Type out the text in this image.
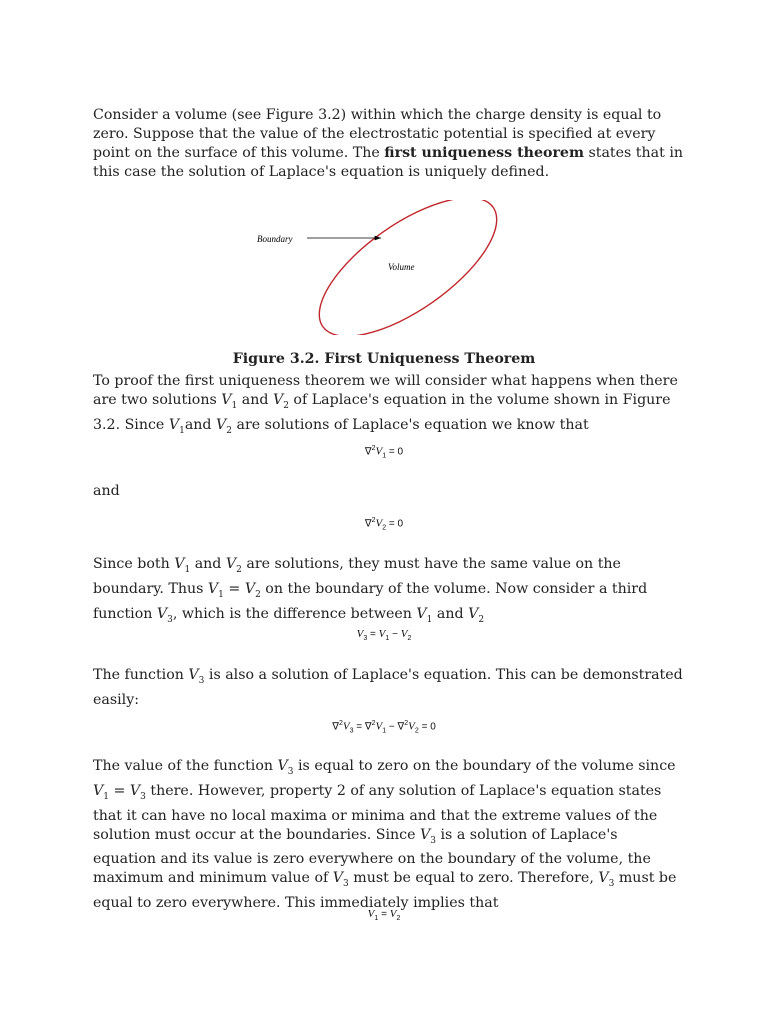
Consider a volume (see Figure 3.2) within which the charge density is equal to zero. Suppose that the value of the electrostatic potential is specified at every point on the surface of this volume. The first uniqueness theorem states that in this case the solution of Laplace's equation is uniquely defined.

Boundary
Volume
Figure 3.2. First Uniqueness Theorem

To proof the first uniqueness theorem we will consider what happens when there are two solutions $V_1$ and $V_2$ of Laplace's equation in the volume shown in Figure 3.2. Since $V_1and$ $V_2$ are solutions of Laplace's equation we know that

$\nabla^2V_1 = 0$

and

$\nabla^2V_2 = 0$

Since both $V_1$ and $V_2$ are solutions, they must have the same value on the boundary. Thus $V_1 = V_2$ on the boundary of the volume. Now consider a third function $V_3$, which is the difference between $V_1$ and $V_2$

$V_3 = V_1 - V_2$

The function $V_3$ is also a solution of Laplace's equation. This can be demonstrated easily:

$\nabla^2V_3 = \nabla^2V_1 - \nabla^2V_2 = 0$

The value of the function $V_3$ is equal to zero on the boundary of the volume since $V_1 = V_3$ there. However, property 2 of any solution of Laplace's equation states that it can have no local maxima or minima and that the extreme values of the solution must occur at the boundaries. Since $V_3$ is a solution of Laplace's equation and its value is zero everywhere on the boundary of the volume, the maximum and minimum value of $V_3$ must be equal to zero. Therefore, $V_3$ must be equal to zero everywhere. This immediately implies that

$V_1 = V_2$
